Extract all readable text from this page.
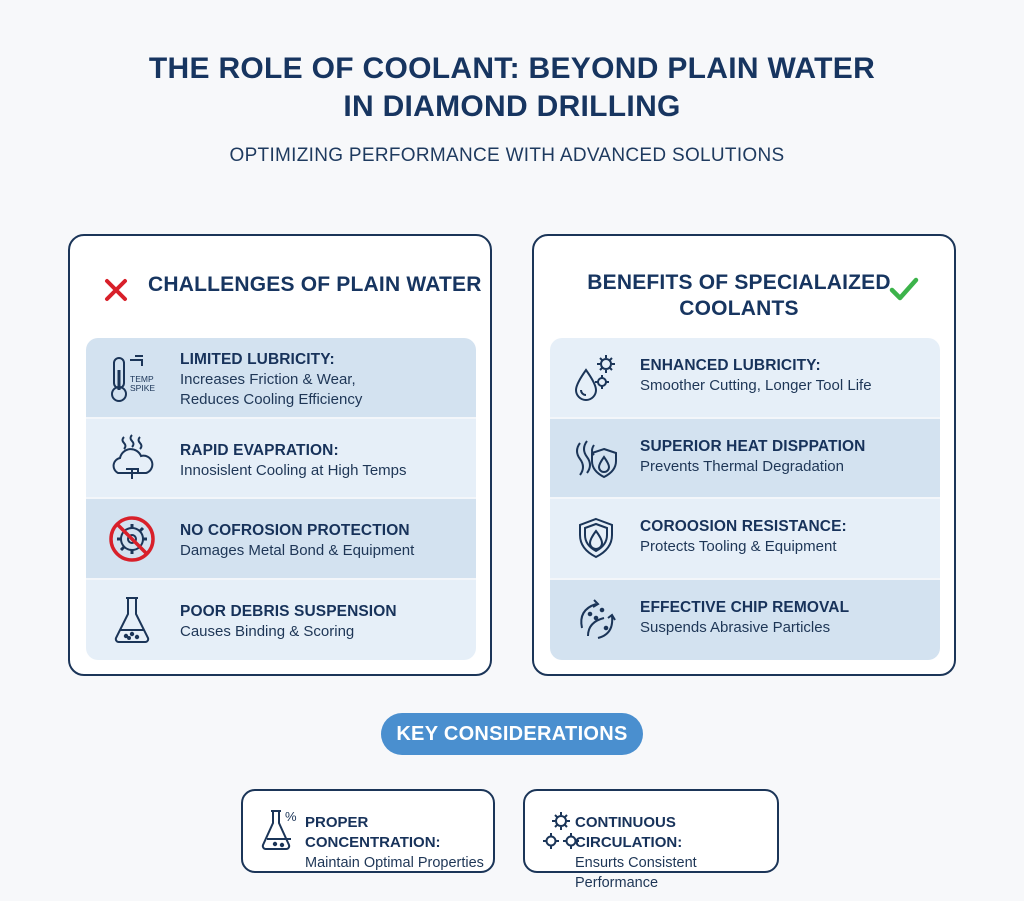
THE ROLE OF COOLANT: BEYOND PLAIN WATER
IN DIAMOND DRILLING
OPTIMIZING PERFORMANCE WITH ADVANCED SOLUTIONS
CHALLENGES OF PLAIN WATER
TEMP SPIKE
LIMITED LUBRICITY:
Increases Friction & Wear,
Reduces Cooling Efficiency
RAPID EVAPRATION:
Innosislent Cooling at High Temps
NO COFROSION PROTECTION
Damages Metal Bond & Equipment
POOR DEBRIS SUSPENSION
Causes Binding & Scoring
BENEFITS OF SPECIALAIZED
COOLANTS
ENHANCED LUBRICITY:
Smoother Cutting, Longer Tool Life
SUPERIOR HEAT DISPPATION
Prevents Thermal Degradation
COROOSION RESISTANCE:
Protects Tooling & Equipment
EFFECTIVE CHIP REMOVAL
Suspends Abrasive Particles
KEY CONSIDERATIONS
% PROPER CONCENTRATION:
Maintain Optimal Properties
CONTINUOUS CIRCULATION:
Ensurts Consistent Performance
